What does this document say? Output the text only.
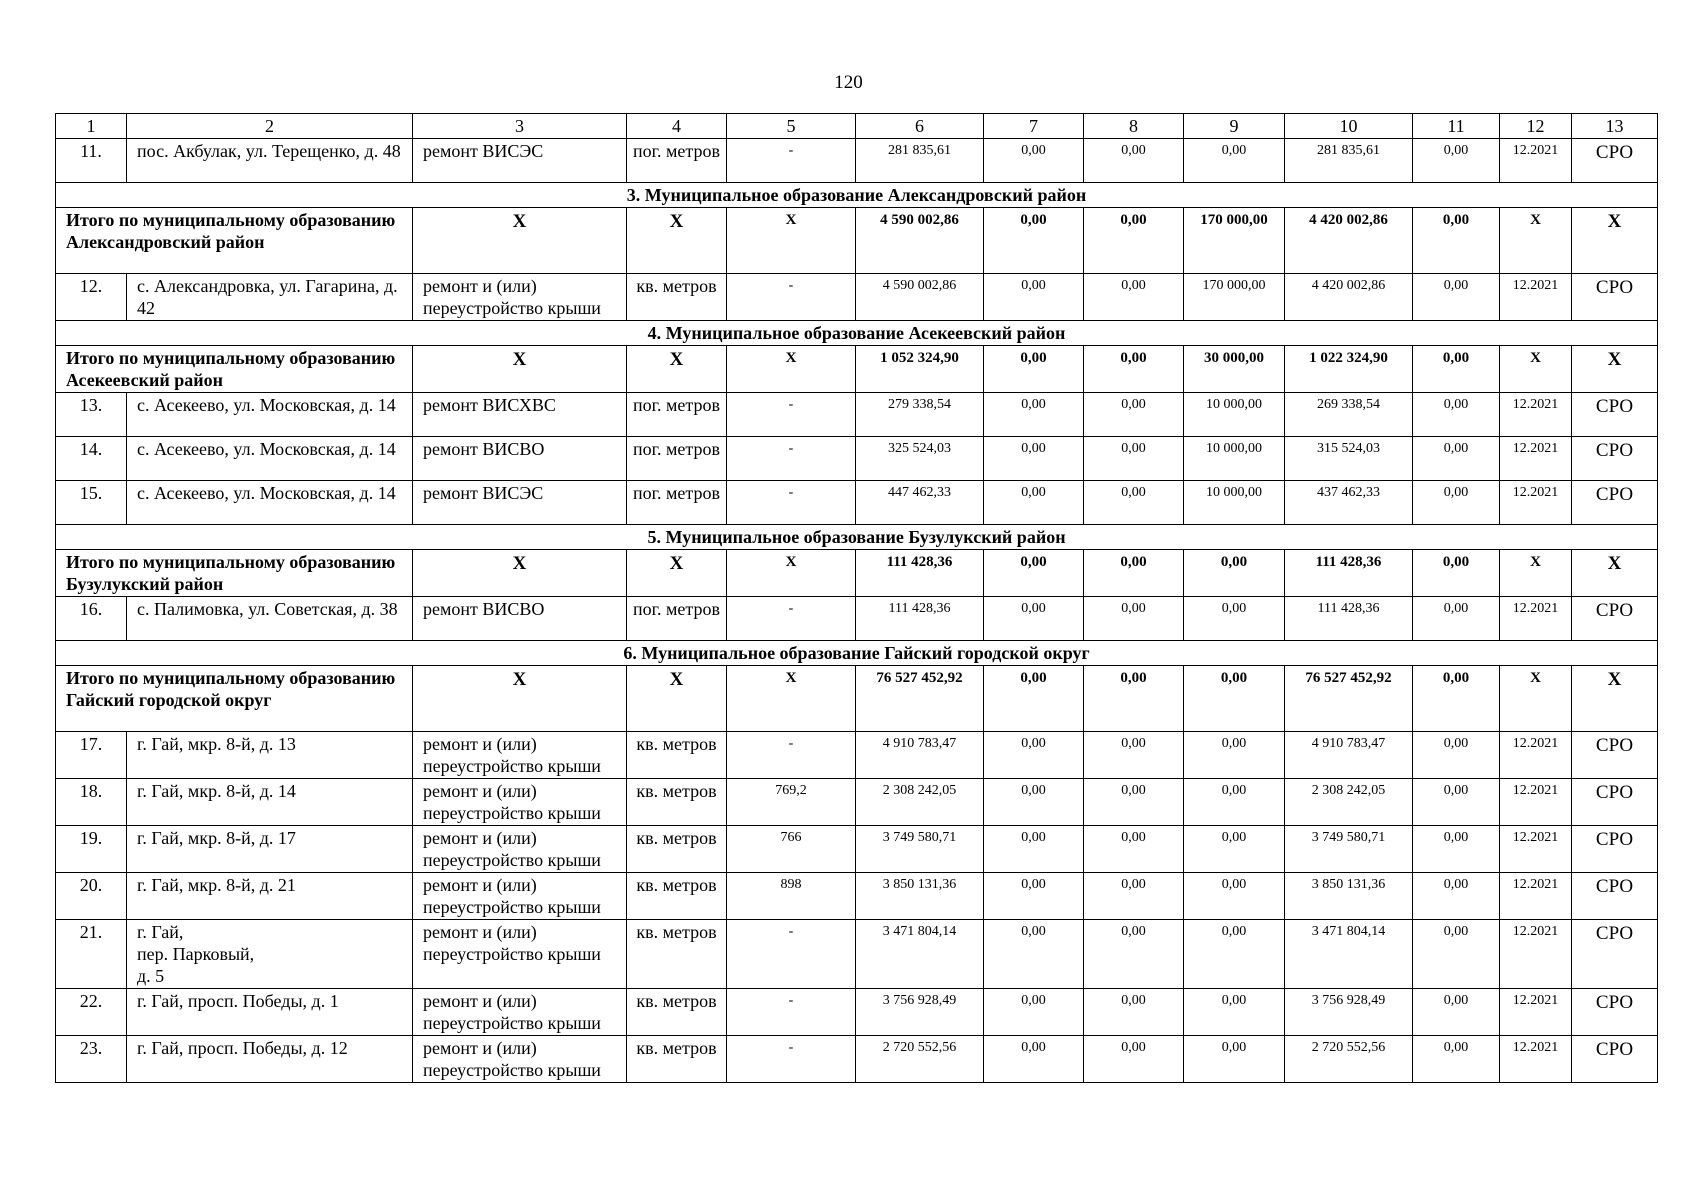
120
1	2	3	4	5	6	7	8	9	10	11	12	13
11.	пос. Акбулак, ул. Терещенко, д. 48	ремонт ВИСЭС	пог. метров	-	281 835,61	0,00	0,00	0,00	281 835,61	0,00	12.2021	СРО
3. Муниципальное образование Александровский район												
Итого по муниципальному образованию Александровский район		X	X	X	4 590 002,86	0,00	0,00	170 000,00	4 420 002,86	0,00	X	X
12.	с. Александровка, ул. Гагарина, д. 42	ремонт и (или) переустройство крыши	кв. метров	-	4 590 002,86	0,00	0,00	170 000,00	4 420 002,86	0,00	12.2021	СРО
4. Муниципальное образование Асекеевский район												
Итого по муниципальному образованию Асекеевский район		X	X	X	1 052 324,90	0,00	0,00	30 000,00	1 022 324,90	0,00	X	X
13.	с. Асекеево, ул. Московская, д. 14	ремонт ВИСХВС	пог. метров	-	279 338,54	0,00	0,00	10 000,00	269 338,54	0,00	12.2021	СРО
14.	с. Асекеево, ул. Московская, д. 14	ремонт ВИСВО	пог. метров	-	325 524,03	0,00	0,00	10 000,00	315 524,03	0,00	12.2021	СРО
15.	с. Асекеево, ул. Московская, д. 14	ремонт ВИСЭС	пог. метров	-	447 462,33	0,00	0,00	10 000,00	437 462,33	0,00	12.2021	СРО
5. Муниципальное образование Бузулукский район												
Итого по муниципальному образованию Бузулукский район		X	X	X	111 428,36	0,00	0,00	0,00	111 428,36	0,00	X	X
16.	с. Палимовка, ул. Советская, д. 38	ремонт ВИСВО	пог. метров	-	111 428,36	0,00	0,00	0,00	111 428,36	0,00	12.2021	СРО
6. Муниципальное образование Гайский городской округ												
Итого по муниципальному образованию Гайский городской округ		X	X	X	76 527 452,92	0,00	0,00	0,00	76 527 452,92	0,00	X	X
17.	г. Гай, мкр. 8-й, д. 13	ремонт и (или) переустройство крыши	кв. метров	-	4 910 783,47	0,00	0,00	0,00	4 910 783,47	0,00	12.2021	СРО
18.	г. Гай, мкр. 8-й, д. 14	ремонт и (или) переустройство крыши	кв. метров	769,2	2 308 242,05	0,00	0,00	0,00	2 308 242,05	0,00	12.2021	СРО
19.	г. Гай, мкр. 8-й, д. 17	ремонт и (или) переустройство крыши	кв. метров	766	3 749 580,71	0,00	0,00	0,00	3 749 580,71	0,00	12.2021	СРО
20.	г. Гай, мкр. 8-й, д. 21	ремонт и (или) переустройство крыши	кв. метров	898	3 850 131,36	0,00	0,00	0,00	3 850 131,36	0,00	12.2021	СРО
21.	г. Гай,
пер. Парковый,
д. 5	ремонт и (или) переустройство крыши	кв. метров	-	3 471 804,14	0,00	0,00	0,00	3 471 804,14	0,00	12.2021	СРО
22.	г. Гай, просп. Победы, д. 1	ремонт и (или) переустройство крыши	кв. метров	-	3 756 928,49	0,00	0,00	0,00	3 756 928,49	0,00	12.2021	СРО
23.	г. Гай, просп. Победы, д. 12	ремонт и (или) переустройство крыши	кв. метров	-	2 720 552,56	0,00	0,00	0,00	2 720 552,56	0,00	12.2021	СРО
